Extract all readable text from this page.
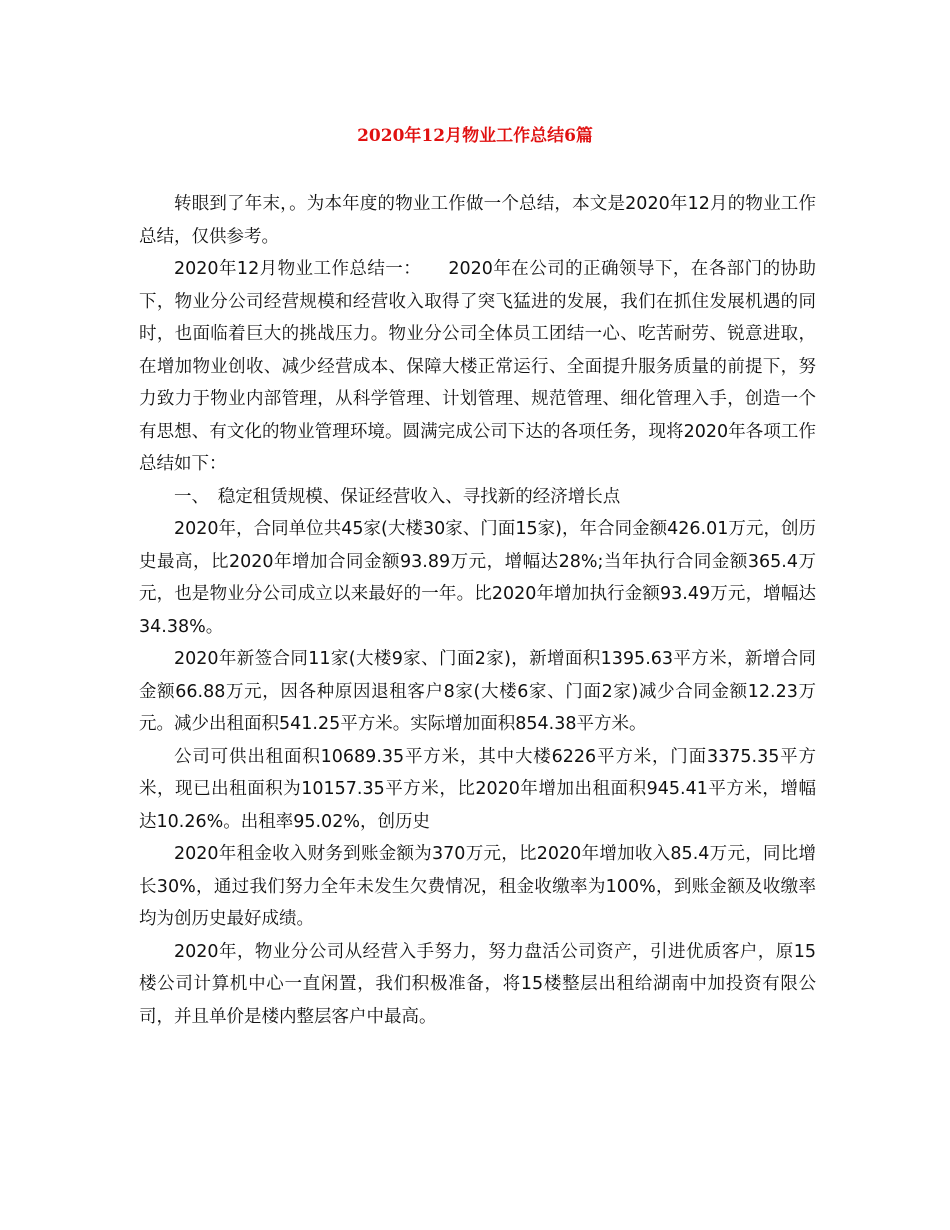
2020年12月物业工作总结6篇

转眼到了年末，。为本年度的物业工作做一个总结，本文是2020年12月的物业工作总结，仅供参考。

2020年12月物业工作总结一：　　2020年在公司的正确领导下，在各部门的协助下，物业分公司经营规模和经营收入取得了突飞猛进的发展，我们在抓住发展机遇的同时，也面临着巨大的挑战压力。物业分公司全体员工团结一心、吃苦耐劳、锐意进取，在增加物业创收、减少经营成本、保障大楼正常运行、全面提升服务质量的前提下，努力致力于物业内部管理，从科学管理、计划管理、规范管理、细化管理入手，创造一个有思想、有文化的物业管理环境。圆满完成公司下达的各项任务，现将2020年各项工作总结如下：

一、　稳定租赁规模、保证经营收入、寻找新的经济增长点

2020年，合同单位共45家(大楼30家、门面15家)，年合同金额426.01万元，创历史最高，比2020年增加合同金额93.89万元，增幅达28%;当年执行合同金额365.4万元，也是物业分公司成立以来最好的一年。比2020年增加执行金额93.49万元，增幅达34.38%。

2020年新签合同11家(大楼9家、门面2家)，新增面积1395.63平方米，新增合同金额66.88万元，因各种原因退租客户8家(大楼6家、门面2家)减少合同金额12.23万元。减少出租面积541.25平方米。实际增加面积854.38平方米。

公司可供出租面积10689.35平方米，其中大楼6226平方米，门面3375.35平方米，现已出租面积为10157.35平方米，比2020年增加出租面积945.41平方米，增幅达10.26%。出租率95.02%，创历史

2020年租金收入财务到账金额为370万元，比2020年增加收入85.4万元，同比增长30%，通过我们努力全年未发生欠费情况，租金收缴率为100%，到账金额及收缴率均为创历史最好成绩。

2020年，物业分公司从经营入手努力，努力盘活公司资产，引进优质客户，原15楼公司计算机中心一直闲置，我们积极准备，将15楼整层出租给湖南中加投资有限公司，并且单价是楼内整层客户中最高。
